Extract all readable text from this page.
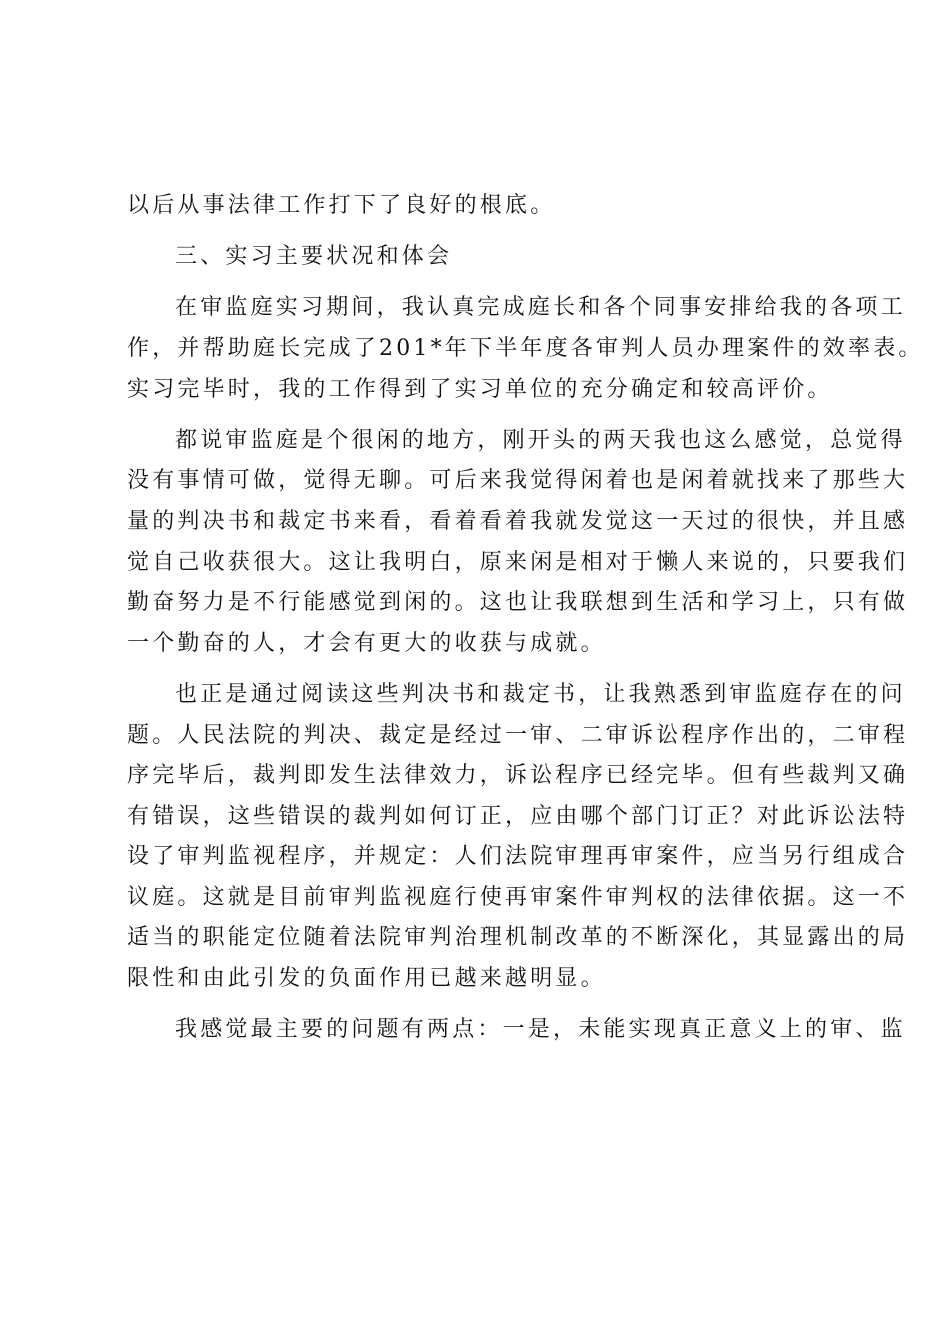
以后从事法律工作打下了良好的根底。
三、实习主要状况和体会
在审监庭实习期间，我认真完成庭长和各个同事安排给我的各项工
作，并帮助庭长完成了201*年下半年度各审判人员办理案件的效率表。
实习完毕时，我的工作得到了实习单位的充分确定和较高评价。
都说审监庭是个很闲的地方，刚开头的两天我也这么感觉，总觉得
没有事情可做，觉得无聊。可后来我觉得闲着也是闲着就找来了那些大
量的判决书和裁定书来看，看着看着我就发觉这一天过的很快，并且感
觉自己收获很大。这让我明白，原来闲是相对于懒人来说的，只要我们
勤奋努力是不行能感觉到闲的。这也让我联想到生活和学习上，只有做
一个勤奋的人，才会有更大的收获与成就。
也正是通过阅读这些判决书和裁定书，让我熟悉到审监庭存在的问
题。人民法院的判决、裁定是经过一审、二审诉讼程序作出的，二审程
序完毕后，裁判即发生法律效力，诉讼程序已经完毕。但有些裁判又确
有错误，这些错误的裁判如何订正，应由哪个部门订正？对此诉讼法特
设了审判监视程序，并规定：人们法院审理再审案件，应当另行组成合
议庭。这就是目前审判监视庭行使再审案件审判权的法律依据。这一不
适当的职能定位随着法院审判治理机制改革的不断深化，其显露出的局
限性和由此引发的负面作用已越来越明显。
我感觉最主要的问题有两点：一是，未能实现真正意义上的审、监
